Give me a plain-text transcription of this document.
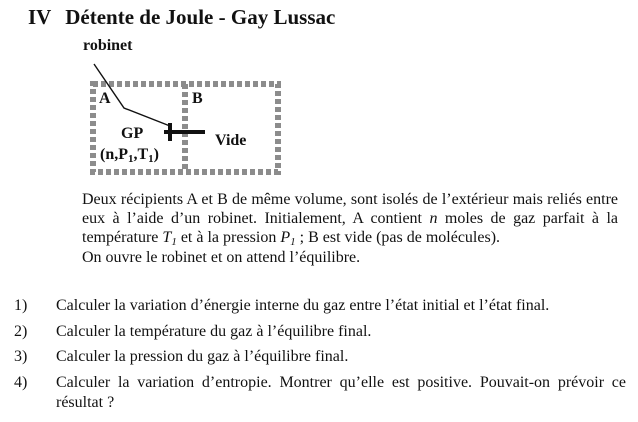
IV Détente de Joule - Gay Lussac
robinet
A	B
GP
$(n,P_1,T_1)$
Vide
Deux récipients A et B de même volume, sont isolés de l’extérieur mais reliés entre eux à l’aide d’un robinet. Initialement, A contient n moles de gaz parfait à la température $T_1$ et à la pression $P_1$ ; B est vide (pas de molécules).
On ouvre le robinet et on attend l’équilibre.
1) Calculer la variation d’énergie interne du gaz entre l’état initial et l’état final.
2) Calculer la température du gaz à l’équilibre final.
3) Calculer la pression du gaz à l’équilibre final.
4) Calculer la variation d’entropie. Montrer qu’elle est positive. Pouvait-on prévoir ce résultat ?
